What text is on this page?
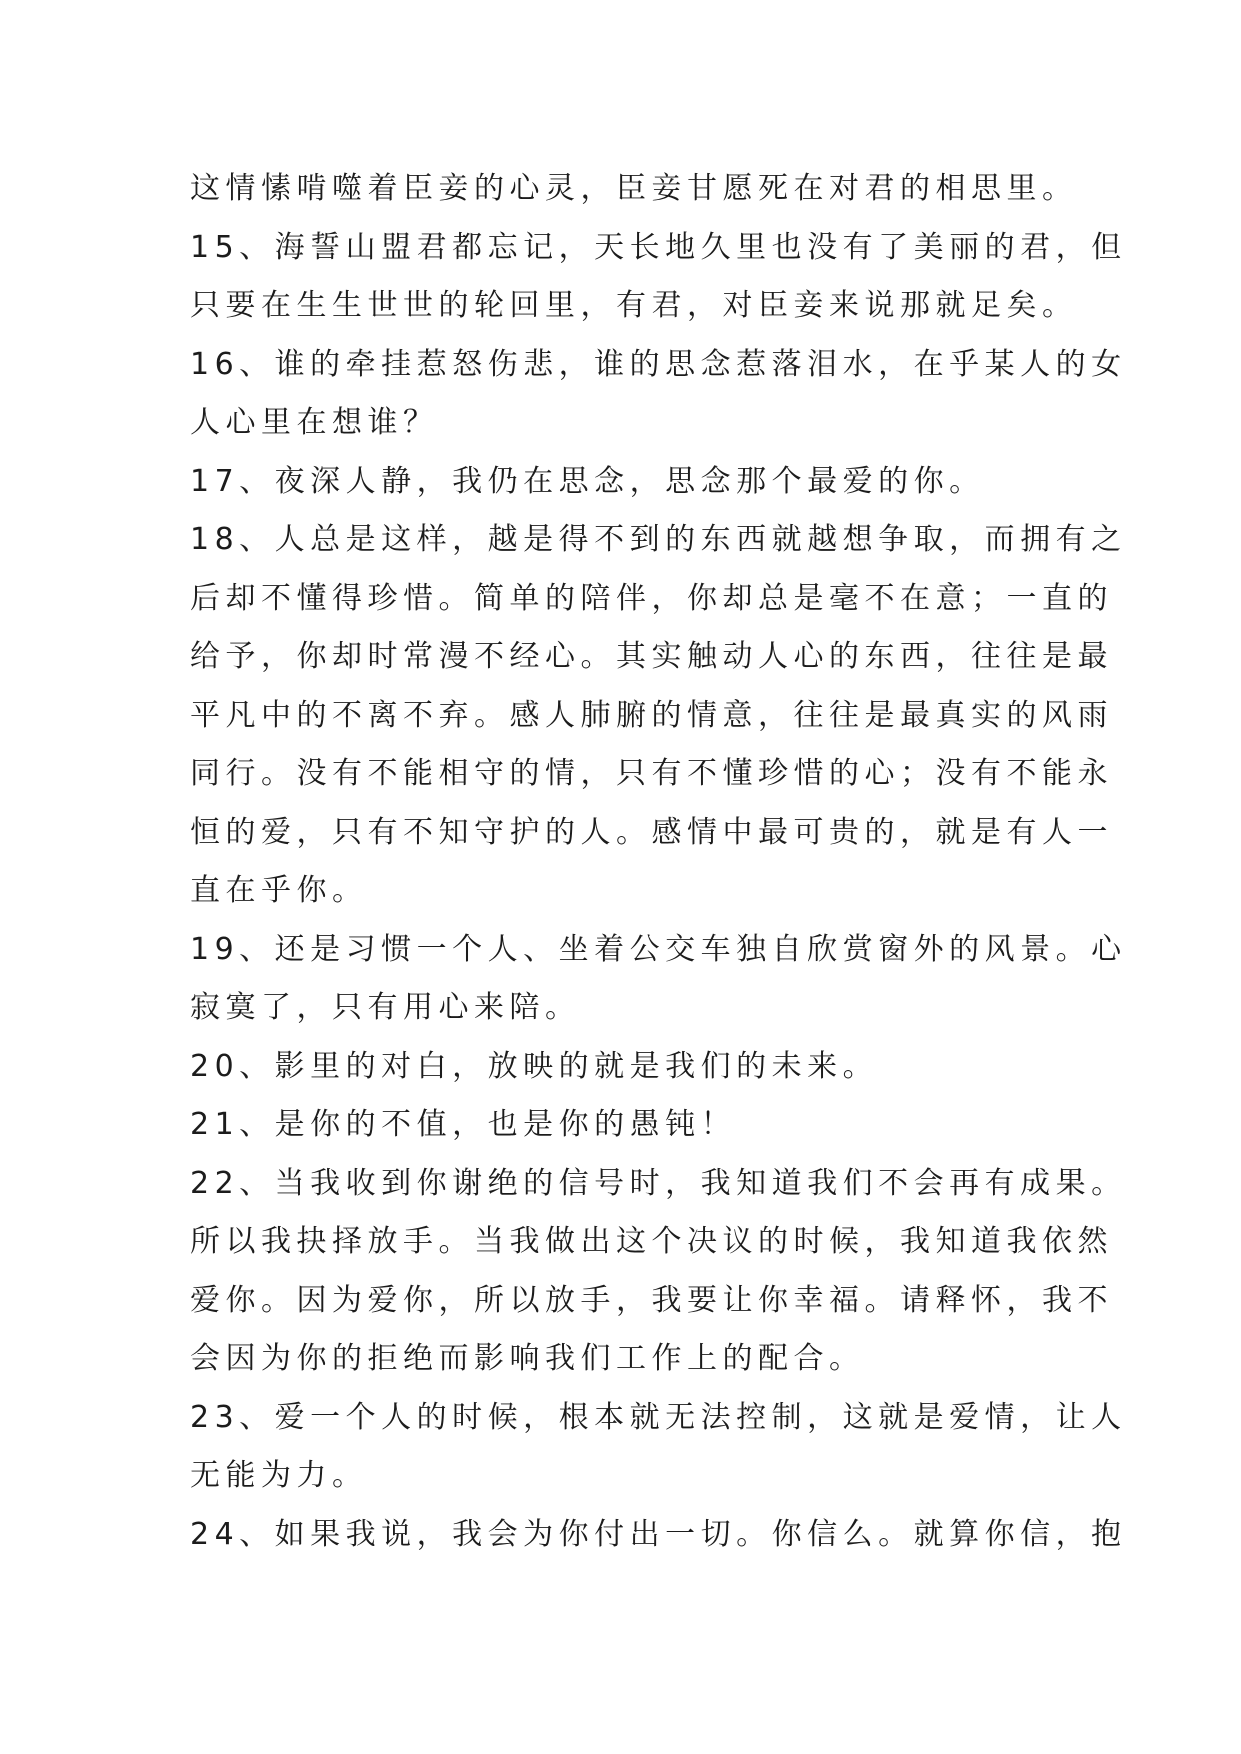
这情愫啃噬着臣妾的心灵，臣妾甘愿死在对君的相思里。
15、海誓山盟君都忘记，天长地久里也没有了美丽的君，但
只要在生生世世的轮回里，有君，对臣妾来说那就足矣。
16、谁的牵挂惹怒伤悲，谁的思念惹落泪水，在乎某人的女
人心里在想谁？
17、夜深人静，我仍在思念，思念那个最爱的你。
18、人总是这样，越是得不到的东西就越想争取，而拥有之
后却不懂得珍惜。简单的陪伴，你却总是毫不在意；一直的
给予，你却时常漫不经心。其实触动人心的东西，往往是最
平凡中的不离不弃。感人肺腑的情意，往往是最真实的风雨
同行。没有不能相守的情，只有不懂珍惜的心；没有不能永
恒的爱，只有不知守护的人。感情中最可贵的，就是有人一
直在乎你。
19、还是习惯一个人、坐着公交车独自欣赏窗外的风景。心
寂寞了，只有用心来陪。
20、影里的对白，放映的就是我们的未来。
21、是你的不值，也是你的愚钝！
22、当我收到你谢绝的信号时，我知道我们不会再有成果。
所以我抉择放手。当我做出这个决议的时候，我知道我依然
爱你。因为爱你，所以放手，我要让你幸福。请释怀，我不
会因为你的拒绝而影响我们工作上的配合。
23、爱一个人的时候，根本就无法控制，这就是爱情，让人
无能为力。
24、如果我说，我会为你付出一切。你信么。就算你信，抱
